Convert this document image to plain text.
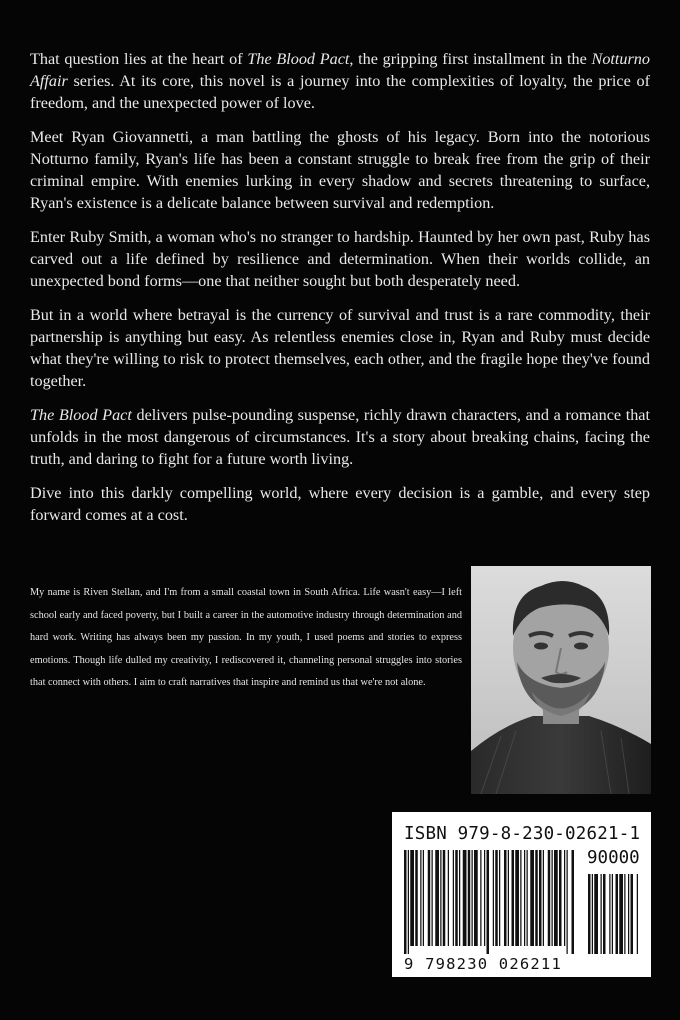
That question lies at the heart of The Blood Pact, the gripping first installment in the Notturno Affair series. At its core, this novel is a journey into the complexities of loyalty, the price of freedom, and the unexpected power of love.

Meet Ryan Giovannetti, a man battling the ghosts of his legacy. Born into the notorious Notturno family, Ryan's life has been a constant struggle to break free from the grip of their criminal empire. With enemies lurking in every shadow and secrets threatening to surface, Ryan's existence is a delicate balance between survival and redemption.

Enter Ruby Smith, a woman who's no stranger to hardship. Haunted by her own past, Ruby has carved out a life defined by resilience and determination. When their worlds collide, an unexpected bond forms—one that neither sought but both desperately need.

But in a world where betrayal is the currency of survival and trust is a rare commodity, their partnership is anything but easy. As relentless enemies close in, Ryan and Ruby must decide what they're willing to risk to protect themselves, each other, and the fragile hope they've found together.

The Blood Pact delivers pulse-pounding suspense, richly drawn characters, and a romance that unfolds in the most dangerous of circumstances. It's a story about breaking chains, facing the truth, and daring to fight for a future worth living.

Dive into this darkly compelling world, where every decision is a gamble, and every step forward comes at a cost.

My name is Riven Stellan, and I'm from a small coastal town in South Africa. Life wasn't easy—I left school early and faced poverty, but I built a career in the automotive industry through determination and hard work. Writing has always been my passion. In my youth, I used poems and stories to express emotions. Though life dulled my creativity, I rediscovered it, channeling personal struggles into stories that connect with others. I aim to craft narratives that inspire and remind us that we're not alone.
ISBN 979-8-230-02621-1
90000
9 798230 026211
